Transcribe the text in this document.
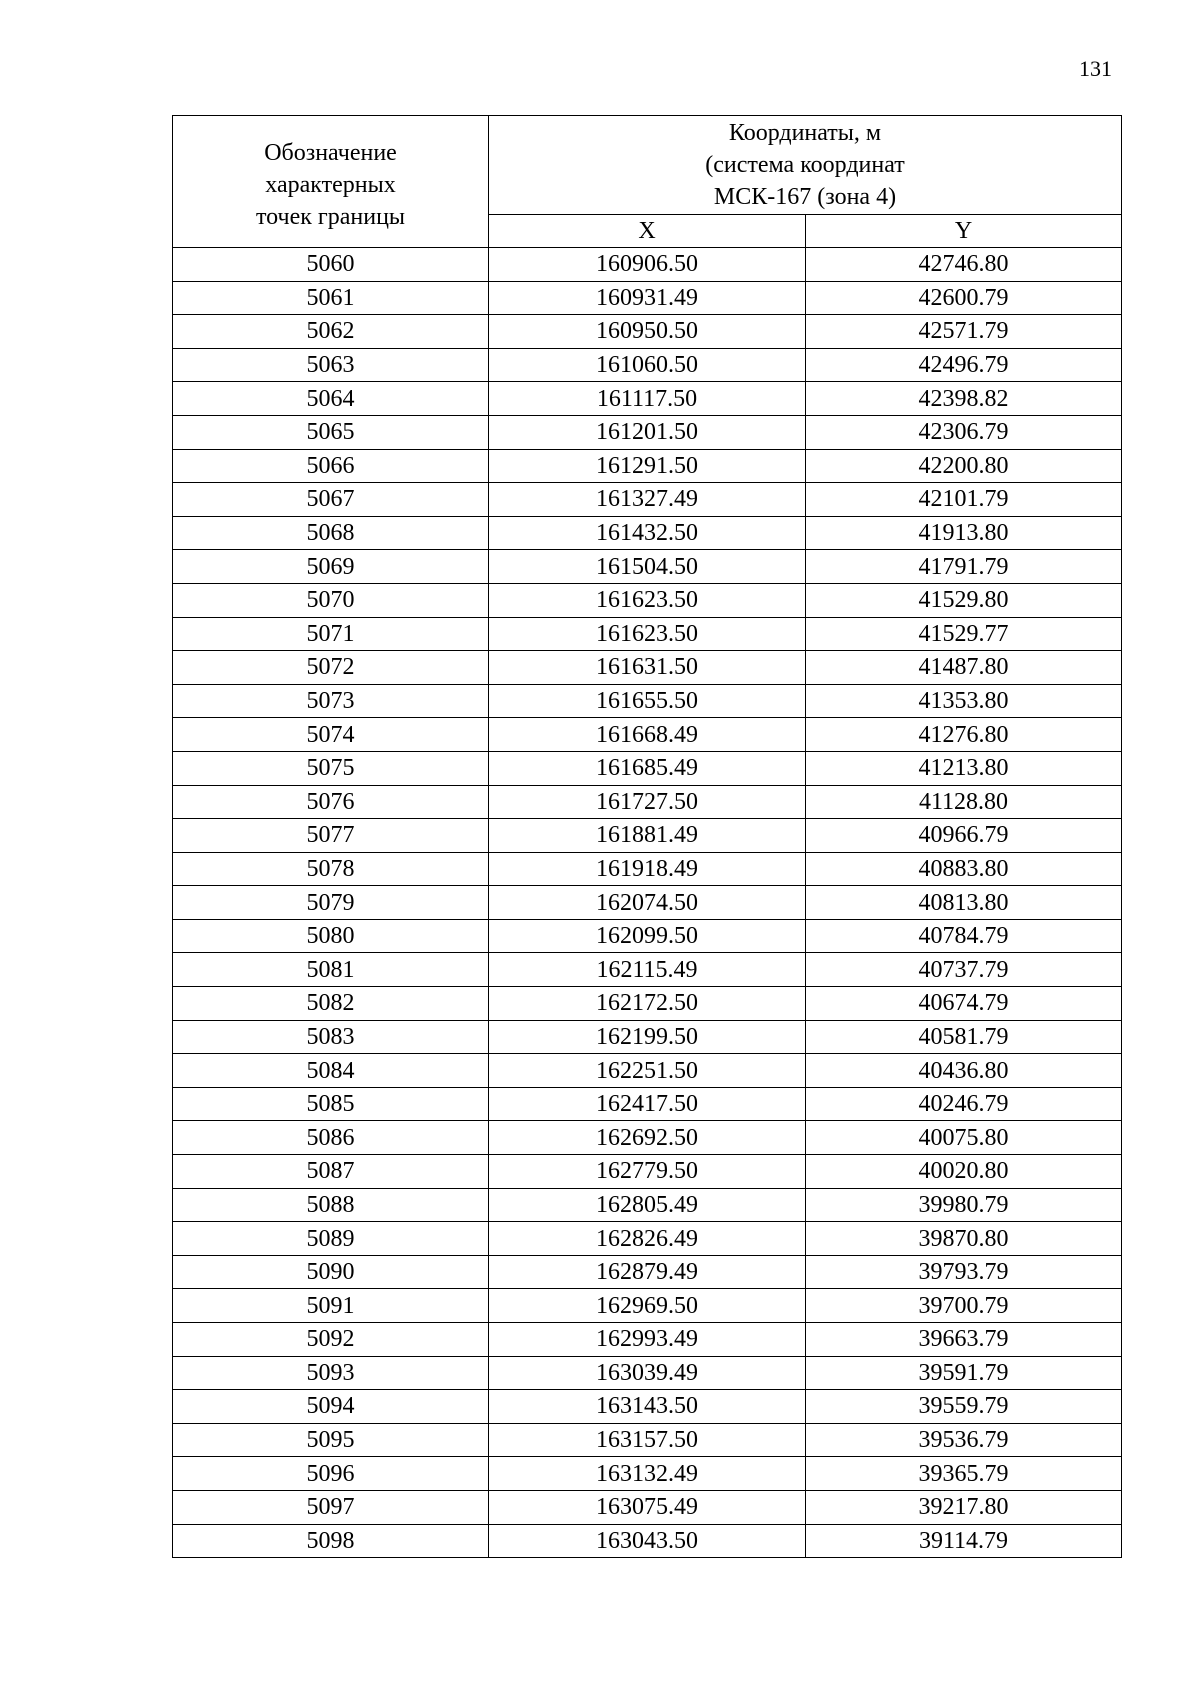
131
Обозначение
характерных
точек границы	Координаты, м
(система координат
МСК-167 (зона 4)	

	X	Y
5060	160906.50	42746.80
5061	160931.49	42600.79
5062	160950.50	42571.79
5063	161060.50	42496.79
5064	161117.50	42398.82
5065	161201.50	42306.79
5066	161291.50	42200.80
5067	161327.49	42101.79
5068	161432.50	41913.80
5069	161504.50	41791.79
5070	161623.50	41529.80
5071	161623.50	41529.77
5072	161631.50	41487.80
5073	161655.50	41353.80
5074	161668.49	41276.80
5075	161685.49	41213.80
5076	161727.50	41128.80
5077	161881.49	40966.79
5078	161918.49	40883.80
5079	162074.50	40813.80
5080	162099.50	40784.79
5081	162115.49	40737.79
5082	162172.50	40674.79
5083	162199.50	40581.79
5084	162251.50	40436.80
5085	162417.50	40246.79
5086	162692.50	40075.80
5087	162779.50	40020.80
5088	162805.49	39980.79
5089	162826.49	39870.80
5090	162879.49	39793.79
5091	162969.50	39700.79
5092	162993.49	39663.79
5093	163039.49	39591.79
5094	163143.50	39559.79
5095	163157.50	39536.79
5096	163132.49	39365.79
5097	163075.49	39217.80
5098	163043.50	39114.79
